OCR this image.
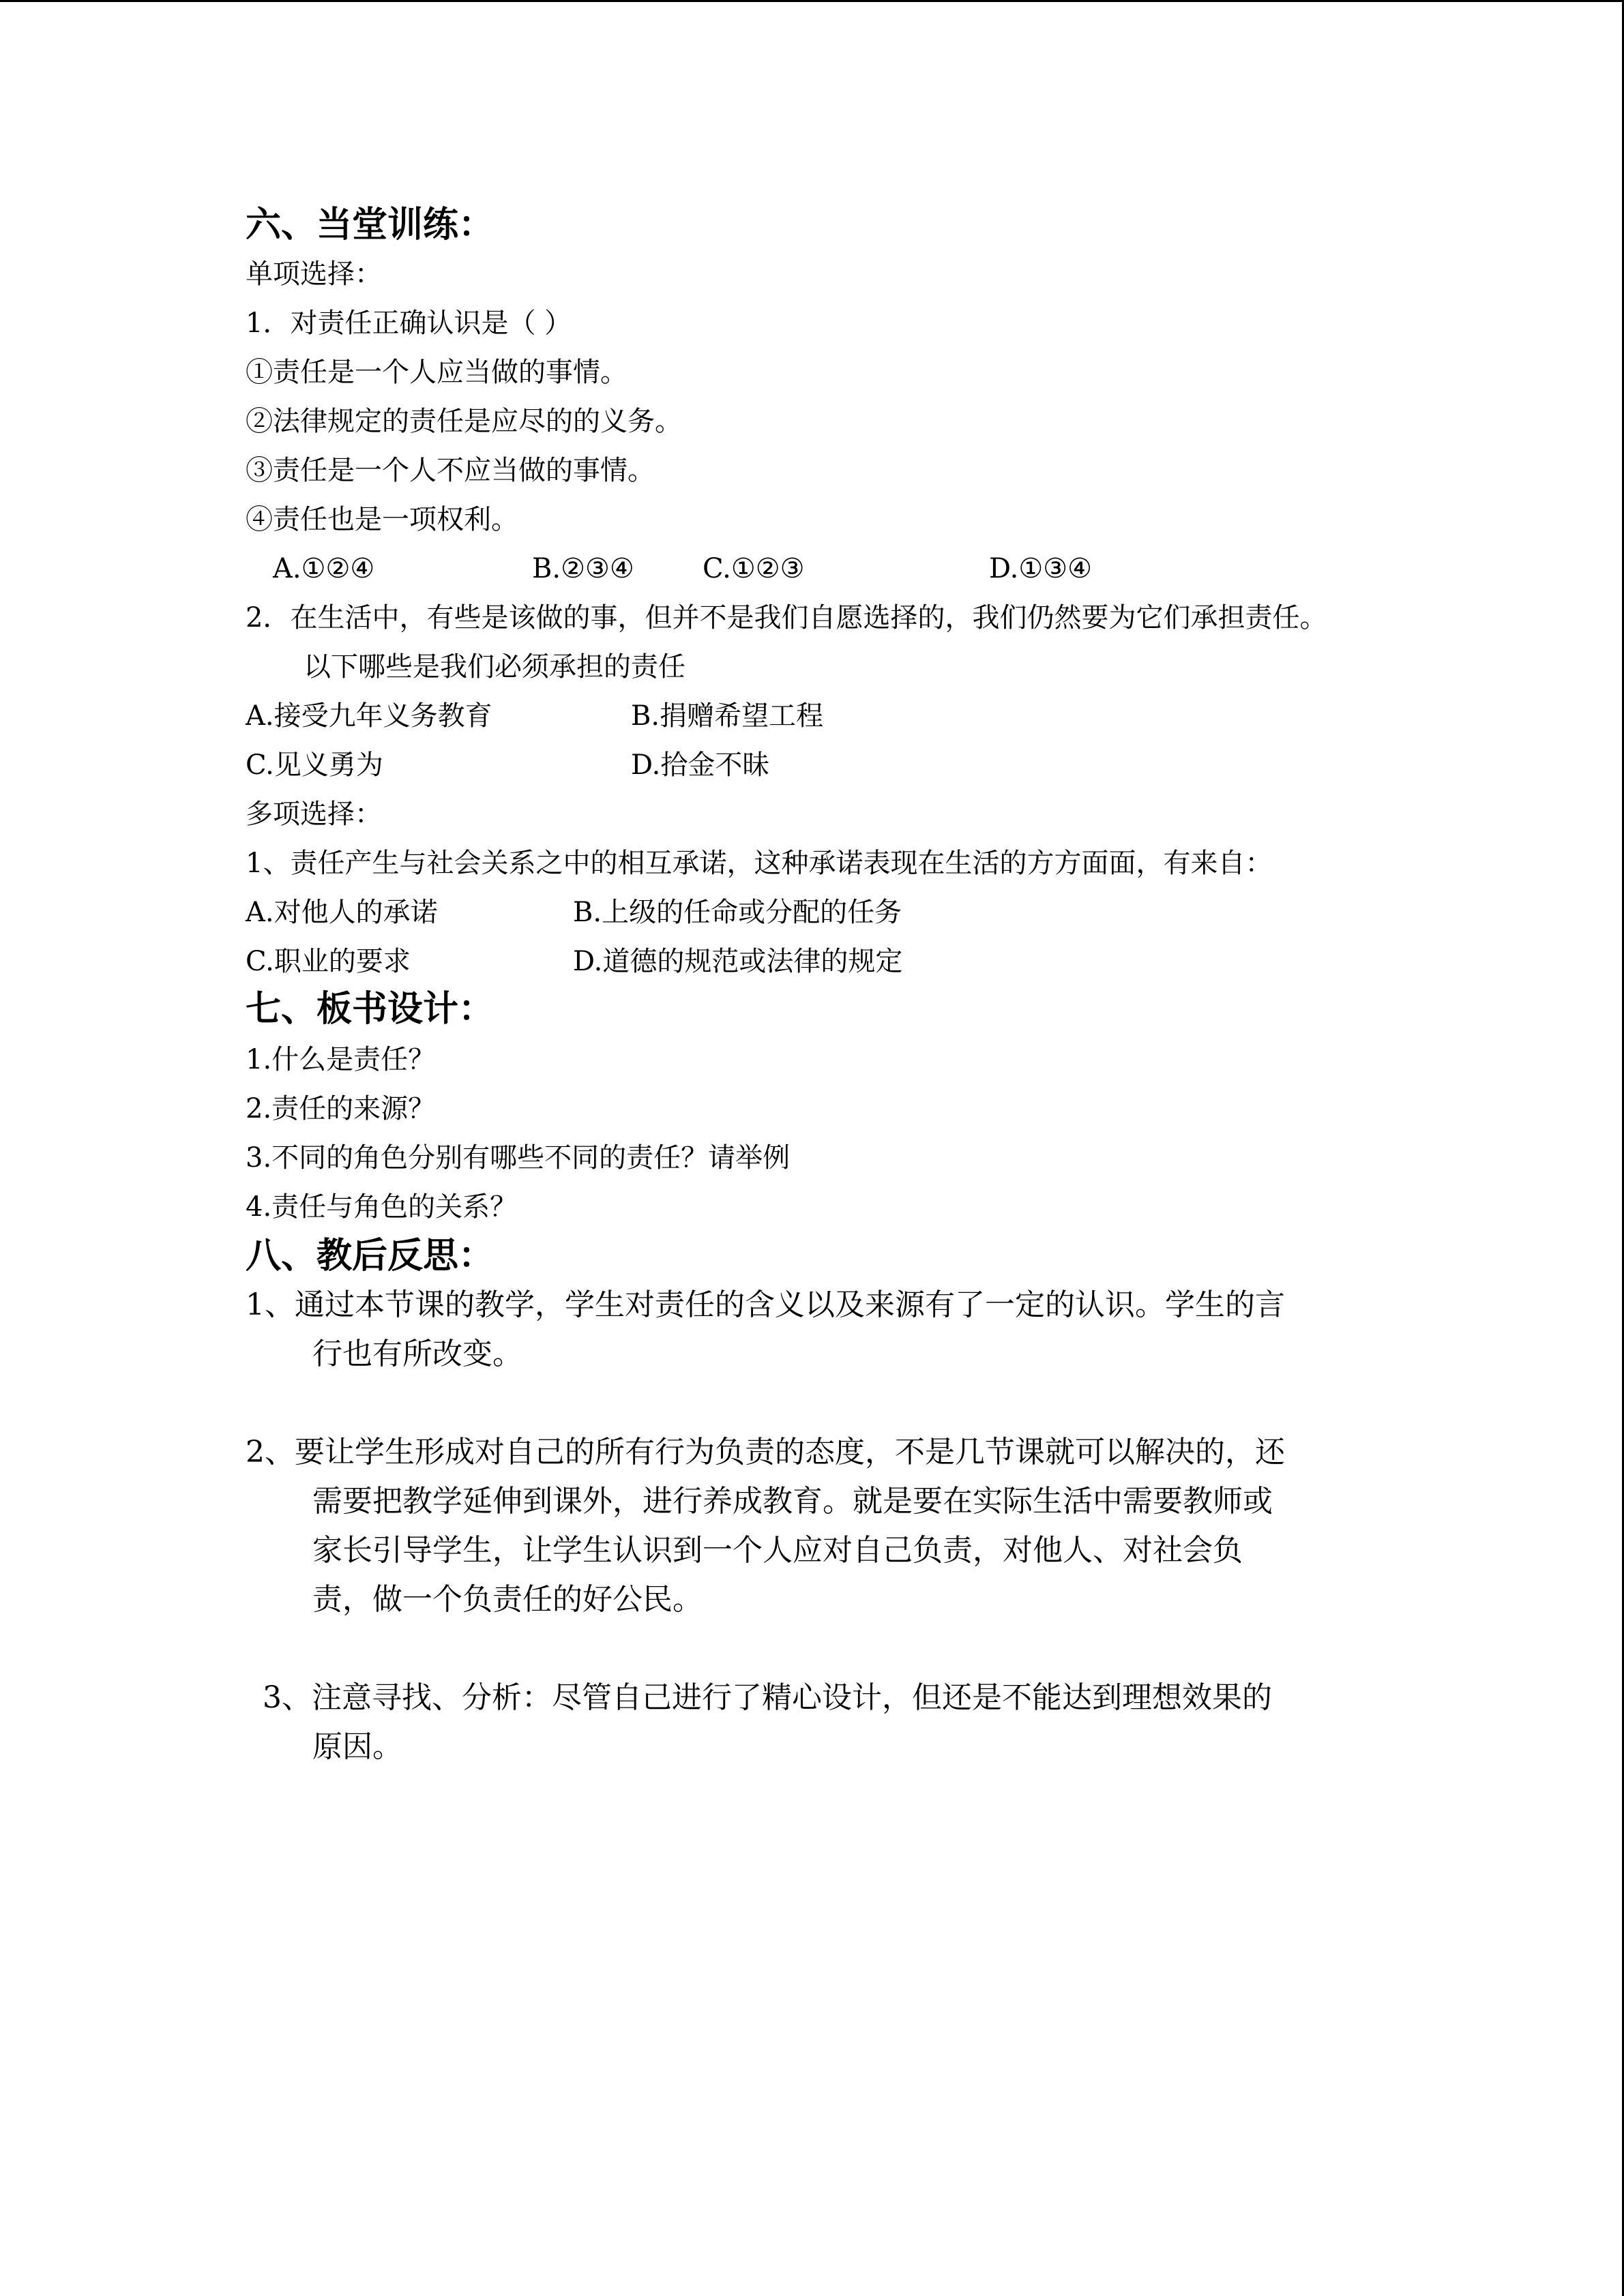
六、当堂训练：
单项选择：
1．对责任正确认识是（ ）
①责任是一个人应当做的事情。
②法律规定的责任是应尽的的义务。
③责任是一个人不应当做的事情。
④责任也是一项权利。
A.①②④	B.②③④	C.①②③	D.①③④
2．在生活中，有些是该做的事，但并不是我们自愿选择的，我们仍然要为它们承担责任。
以下哪些是我们必须承担的责任
A.接受九年义务教育	B.捐赠希望工程
C.见义勇为	D.拾金不昧
多项选择：
1、责任产生与社会关系之中的相互承诺，这种承诺表现在生活的方方面面，有来自：
A.对他人的承诺	B.上级的任命或分配的任务
C.职业的要求	D.道德的规范或法律的规定
七、板书设计：
1.什么是责任？
2.责任的来源？
3.不同的角色分别有哪些不同的责任？请举例
4.责任与角色的关系？
八、教后反思：
1、通过本节课的教学，学生对责任的含义以及来源有了一定的认识。学生的言
行也有所改变。
2、要让学生形成对自己的所有行为负责的态度，不是几节课就可以解决的，还
需要把教学延伸到课外，进行养成教育。就是要在实际生活中需要教师或
家长引导学生，让学生认识到一个人应对自己负责，对他人、对社会负
责，做一个负责任的好公民。
3、注意寻找、分析：尽管自己进行了精心设计，但还是不能达到理想效果的
原因。
